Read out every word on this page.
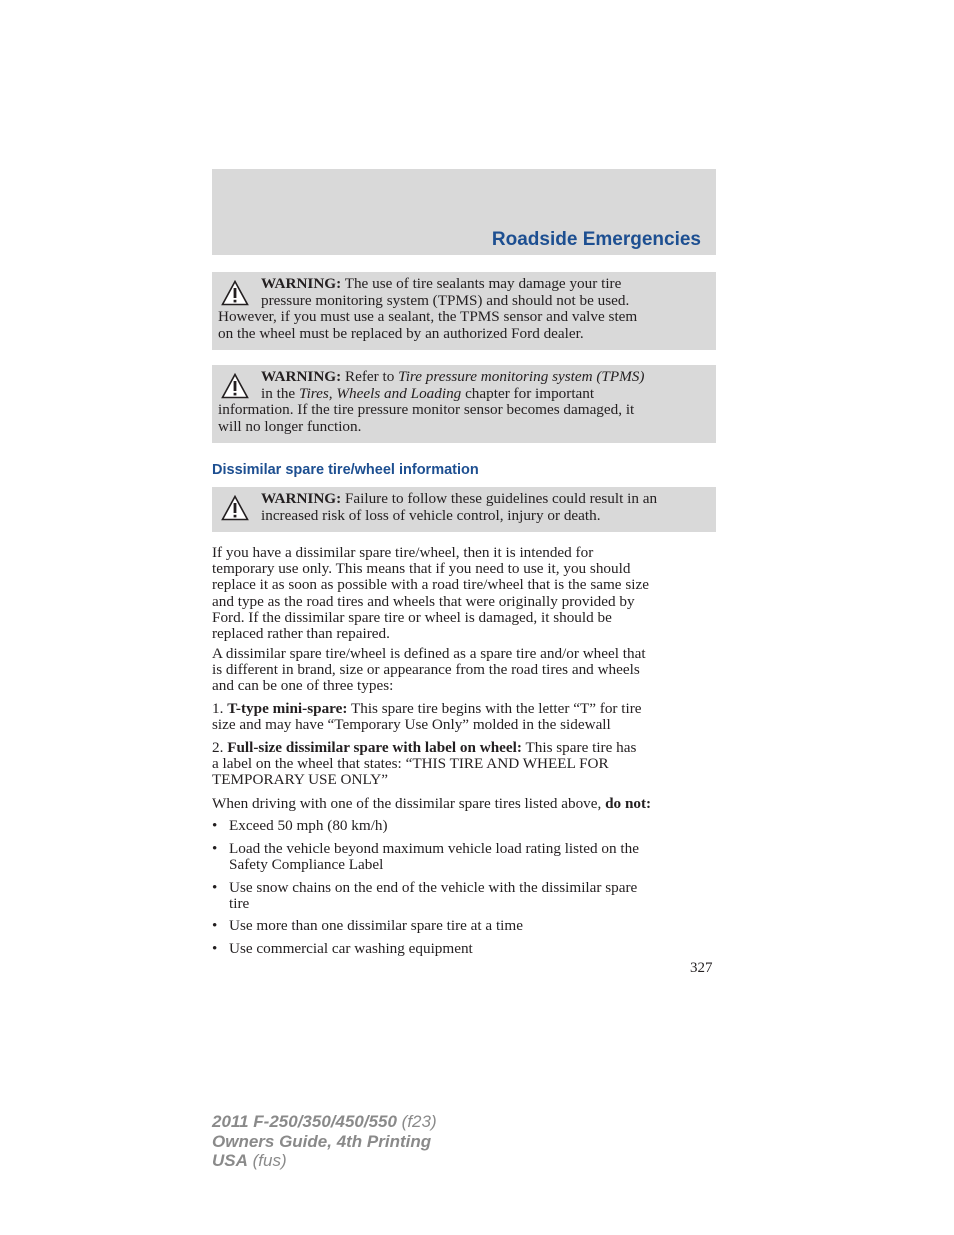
Roadside Emergencies
WARNING: The use of tire sealants may damage your tire
pressure monitoring system (TPMS) and should not be used.
However, if you must use a sealant, the TPMS sensor and valve stem
on the wheel must be replaced by an authorized Ford dealer.
WARNING: Refer to Tire pressure monitoring system (TPMS)
in the Tires, Wheels and Loading chapter for important
information. If the tire pressure monitor sensor becomes damaged, it
will no longer function.
Dissimilar spare tire/wheel information
WARNING: Failure to follow these guidelines could result in an
increased risk of loss of vehicle control, injury or death.
If you have a dissimilar spare tire/wheel, then it is intended for
temporary use only. This means that if you need to use it, you should
replace it as soon as possible with a road tire/wheel that is the same size
and type as the road tires and wheels that were originally provided by
Ford. If the dissimilar spare tire or wheel is damaged, it should be
replaced rather than repaired.
A dissimilar spare tire/wheel is defined as a spare tire and/or wheel that
is different in brand, size or appearance from the road tires and wheels
and can be one of three types:
1. T-type mini-spare: This spare tire begins with the letter “T” for tire
size and may have “Temporary Use Only” molded in the sidewall
2. Full-size dissimilar spare with label on wheel: This spare tire has
a label on the wheel that states: “THIS TIRE AND WHEEL FOR
TEMPORARY USE ONLY”
When driving with one of the dissimilar spare tires listed above, do not:
• Exceed 50 mph (80 km/h)
• Load the vehicle beyond maximum vehicle load rating listed on the
Safety Compliance Label
• Use snow chains on the end of the vehicle with the dissimilar spare
tire
• Use more than one dissimilar spare tire at a time
• Use commercial car washing equipment
327
2011 F-250/350/450/550 (f23)
Owners Guide, 4th Printing
USA (fus)
